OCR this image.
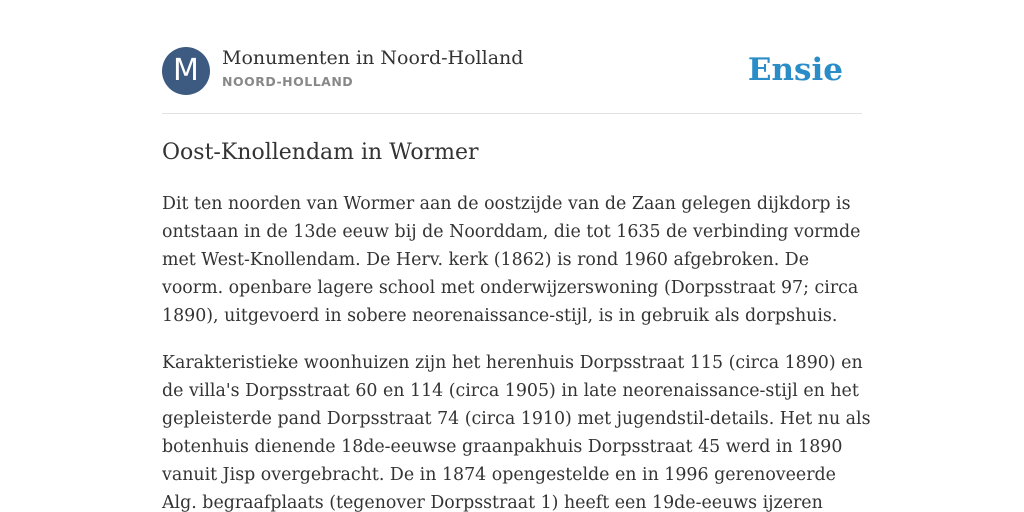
M	Monumenten in Noord-Holland
NOORD-HOLLAND	Ensie
Oost-Knollendam in Wormer

Dit ten noorden van Wormer aan de oostzijde van de Zaan gelegen dijkdorp is ontstaan in de 13de eeuw bij de Noorddam, die tot 1635 de verbinding vormde met West-Knollendam. De Herv. kerk (1862) is rond 1960 afgebroken. De voorm. openbare lagere school met onderwijzerswoning (Dorpsstraat 97; circa 1890), uitgevoerd in sobere neorenaissance-stijl, is in gebruik als dorpshuis.

Karakteristieke woonhuizen zijn het herenhuis Dorpsstraat 115 (circa 1890) en de villa's Dorpsstraat 60 en 114 (circa 1905) in late neorenaissance-stijl en het gepleisterde pand Dorpsstraat 74 (circa 1910) met jugendstil-details. Het nu als botenhuis dienende 18de-eeuwse graanpakhuis Dorpsstraat 45 werd in 1890 vanuit Jisp overgebracht. De in 1874 opengestelde en in 1996 gerenoveerde Alg. begraafplaats (tegenover Dorpsstraat 1) heeft een 19de-eeuws ijzeren
